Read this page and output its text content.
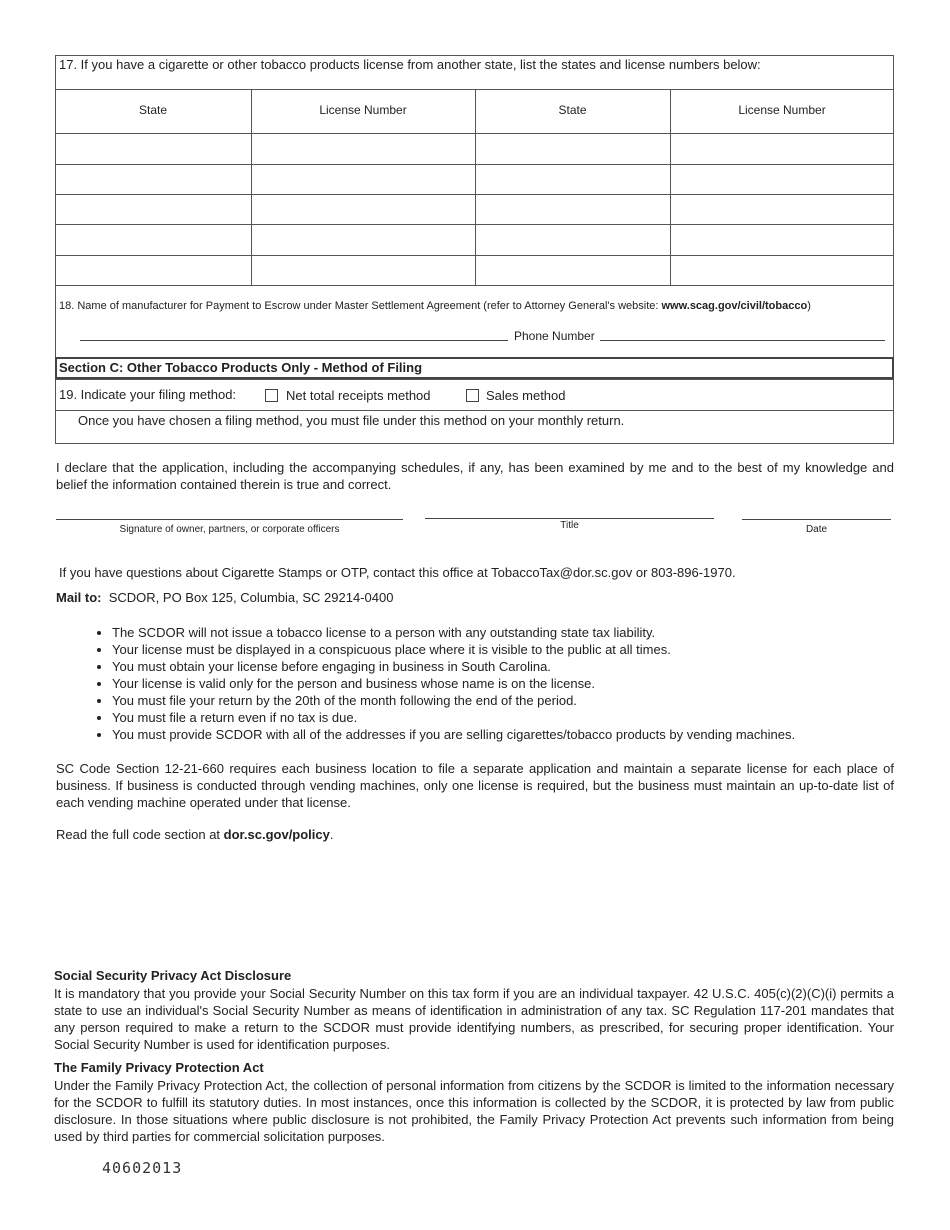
17. If you have a cigarette or other tobacco products license from another state, list the states and license numbers below:
State	License Number	State	License Number
18. Name of manufacturer for Payment to Escrow under Master Settlement Agreement (refer to Attorney General's website: www.scag.gov/civil/tobacco)
Phone Number
Section C: Other Tobacco Products Only - Method of Filing
19. Indicate your filing method:	Net total receipts method	Sales method
Once you have chosen a filing method, you must file under this method on your monthly return.
I declare that the application, including the accompanying schedules, if any, has been examined by me and to the best of my knowledge and belief the information contained therein is true and correct.
Signature of owner, partners, or corporate officers	Title	Date
If you have questions about Cigarette Stamps or OTP, contact this office at TobaccoTax@dor.sc.gov or 803-896-1970.
Mail to: SCDOR, PO Box 125, Columbia, SC 29214-0400
• The SCDOR will not issue a tobacco license to a person with any outstanding state tax liability.
• Your license must be displayed in a conspicuous place where it is visible to the public at all times.
• You must obtain your license before engaging in business in South Carolina.
• Your license is valid only for the person and business whose name is on the license.
• You must file your return by the 20th of the month following the end of the period.
• You must file a return even if no tax is due.
• You must provide SCDOR with all of the addresses if you are selling cigarettes/tobacco products by vending machines.
SC Code Section 12-21-660 requires each business location to file a separate application and maintain a separate license for each place of business. If business is conducted through vending machines, only one license is required, but the business must maintain an up-to-date list of each vending machine operated under that license.
Read the full code section at dor.sc.gov/policy.
Social Security Privacy Act Disclosure
It is mandatory that you provide your Social Security Number on this tax form if you are an individual taxpayer. 42 U.S.C. 405(c)(2)(C)(i) permits a state to use an individual's Social Security Number as means of identification in administration of any tax. SC Regulation 117-201 mandates that any person required to make a return to the SCDOR must provide identifying numbers, as prescribed, for securing proper identification. Your Social Security Number is used for identification purposes.
The Family Privacy Protection Act
Under the Family Privacy Protection Act, the collection of personal information from citizens by the SCDOR is limited to the information necessary for the SCDOR to fulfill its statutory duties. In most instances, once this information is collected by the SCDOR, it is protected by law from public disclosure. In those situations where public disclosure is not prohibited, the Family Privacy Protection Act prevents such information from being used by third parties for commercial solicitation purposes.
40602013
